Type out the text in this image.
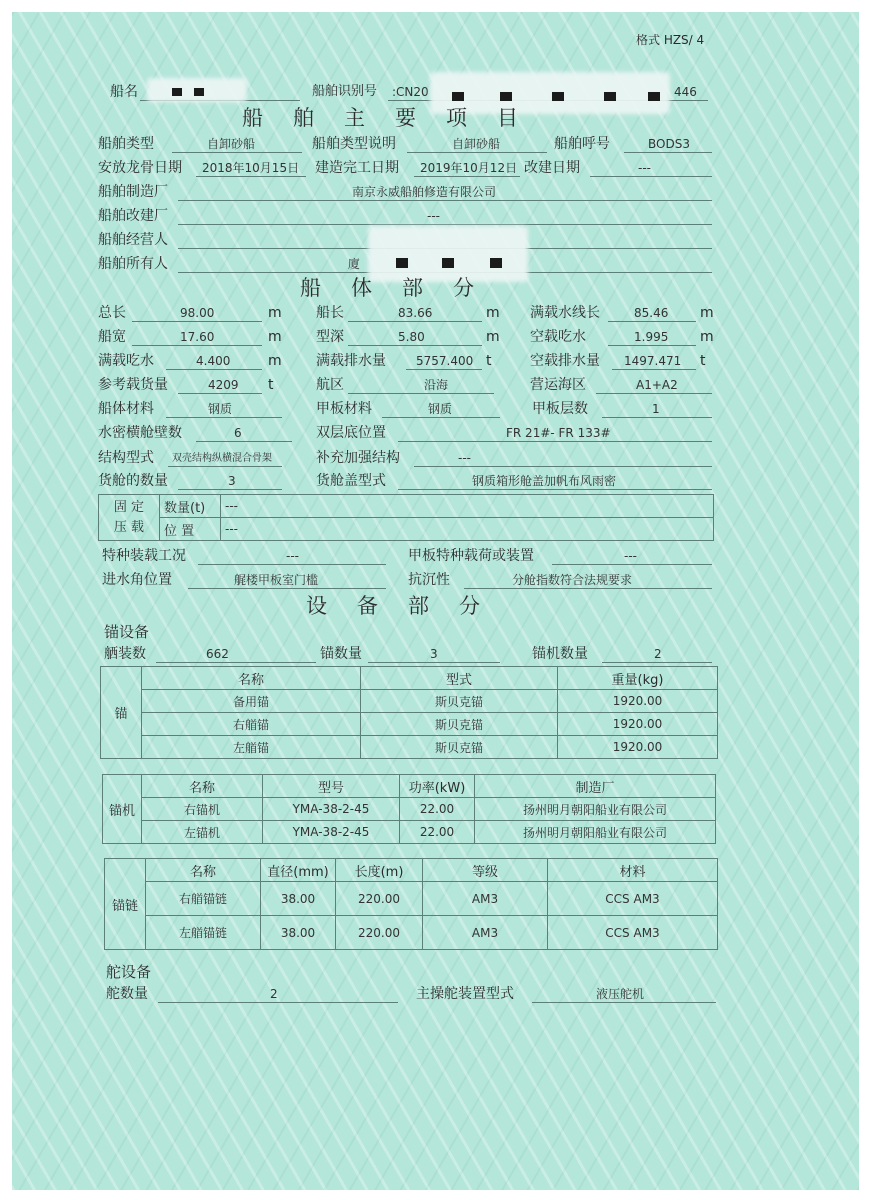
格式 HZS/ 4
船名	船舶识别号 :CN20	446
船舶主要项目
船舶类型	自卸砂船	船舶类型说明	自卸砂船	船舶呼号	BODS3
安放龙骨日期 2018年10月15日 建造完工日期 2019年10月12日 改建日期	---
船舶制造厂	南京永威船舶修造有限公司
船舶改建厂	---
船舶经营人
船舶所有人	廈
船体部分
总长	98.00	m 船长	83.66	m 满载水线长	85.46 m
船宽	17.60	m 型深	5.80	m 空载吃水	1.995 m
满载吃水	4.400	m 满载排水量	5757.400 t	空载排水量 1497.471 t
参考载货量	4209 t	航区	沿海	营运海区	A1+A2
船体材料	钢质	甲板材料	钢质	甲板层数	1
水密横舱壁数	6	双层底位置	FR 21#- FR 133#
结构型式 双壳结构纵横混合骨架	补充加强结构	---
货舱的数量	3	货舱盖型式	钢质箱形舱盖加帆布风雨密
固 定
压 载	数量(t)	---
	位 置	---
特种装载工况	---	甲板特种载荷或装置	---
进水角位置	艉楼甲板室门槛	抗沉性	分舱指数符合法规要求
设备部分
锚设备
舾装数	662	锚数量	3	锚机数量	2
锚	名称	型式	重量(kg)
	备用锚	斯贝克锚	1920.00
	右艏锚	斯贝克锚	1920.00
	左艏锚	斯贝克锚	1920.00
锚机	名称	型号	功率(kW)	制造厂
	右锚机	YMA-38-2-45	22.00	扬州明月朝阳船业有限公司
	左锚机	YMA-38-2-45	22.00	扬州明月朝阳船业有限公司
锚链	名称	直径(mm)	长度(m)	等级	材料
	右艏锚链	38.00	220.00	AM3	CCS AM3
	左艏锚链	38.00	220.00	AM3	CCS AM3
舵设备
舵数量	2	主操舵装置型式	液压舵机
